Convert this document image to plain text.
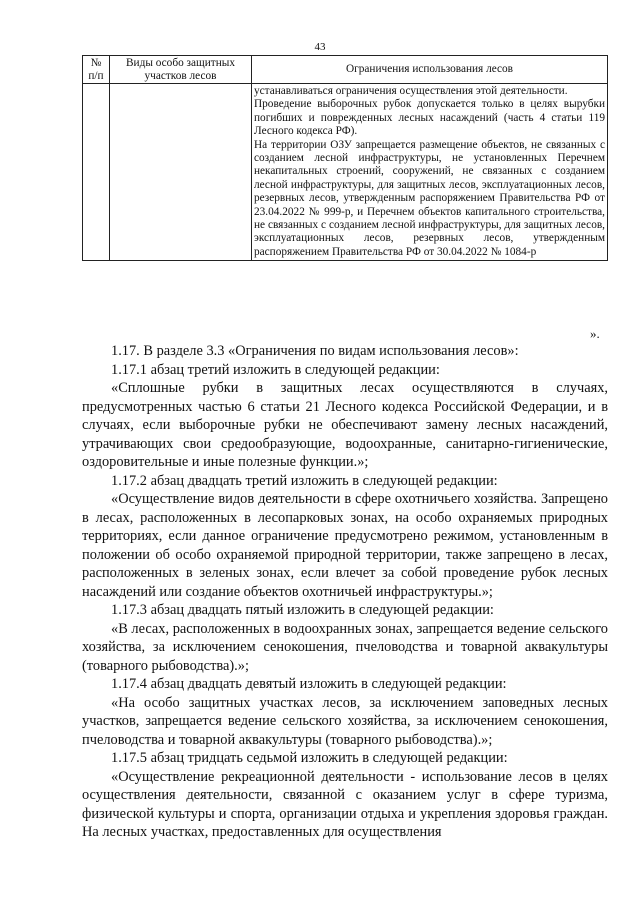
43
№ п/п	Виды особо защитных участков лесов	Ограничения использования лесов

		устанавливаться ограничения осуществления этой деятельности.

Проведение выборочных рубок допускается только в целях вырубки погибших и поврежденных лесных насаждений (часть 4 статьи 119 Лесного кодекса РФ).

На территории ОЗУ запрещается размещение объектов, не связанных с созданием лесной инфраструктуры, не установленных Перечнем некапитальных строений, сооружений, не связанных с созданием лесной инфраструктуры, для защитных лесов, эксплуатационных лесов, резервных лесов, утвержденным распоряжением Правительства РФ от 23.04.2022 № 999-р, и Перечнем объектов капитального строительства, не связанных с созданием лесной инфраструктуры, для защитных лесов, эксплуатационных лесов, резервных лесов, утвержденным распоряжением Правительства РФ от 30.04.2022 № 1084-р

».

1.17. В разделе 3.3 «Ограничения по видам использования лесов»:

1.17.1 абзац третий изложить в следующей редакции:

«Сплошные рубки в защитных лесах осуществляются в случаях, предусмотренных частью 6 статьи 21 Лесного кодекса Российской Федерации, и в случаях, если выборочные рубки не обеспечивают замену лесных насаждений, утрачивающих свои средообразующие, водоохранные, санитарно-гигиенические, оздоровительные и иные полезные функции.»;

1.17.2 абзац двадцать третий изложить в следующей редакции:

«Осуществление видов деятельности в сфере охотничьего хозяйства. Запрещено в лесах, расположенных в лесопарковых зонах, на особо охраняемых природных территориях, если данное ограничение предусмотрено режимом, установленным в положении об особо охраняемой природной территории, также запрещено в лесах, расположенных в зеленых зонах, если влечет за собой проведение рубок лесных насаждений или создание объектов охотничьей инфраструктуры.»;

1.17.3 абзац двадцать пятый изложить в следующей редакции:

«В лесах, расположенных в водоохранных зонах, запрещается ведение сельского хозяйства, за исключением сенокошения, пчеловодства и товарной аквакультуры (товарного рыбоводства).»;

1.17.4 абзац двадцать девятый изложить в следующей редакции:

«На особо защитных участках лесов, за исключением заповедных лесных участков, запрещается ведение сельского хозяйства, за исключением сенокошения, пчеловодства и товарной аквакультуры (товарного рыбоводства).»;

1.17.5 абзац тридцать седьмой изложить в следующей редакции:

«Осуществление рекреационной деятельности - использование лесов в целях осуществления деятельности, связанной с оказанием услуг в сфере туризма, физической культуры и спорта, организации отдыха и укрепления здоровья граждан. На лесных участках, предоставленных для осуществления
